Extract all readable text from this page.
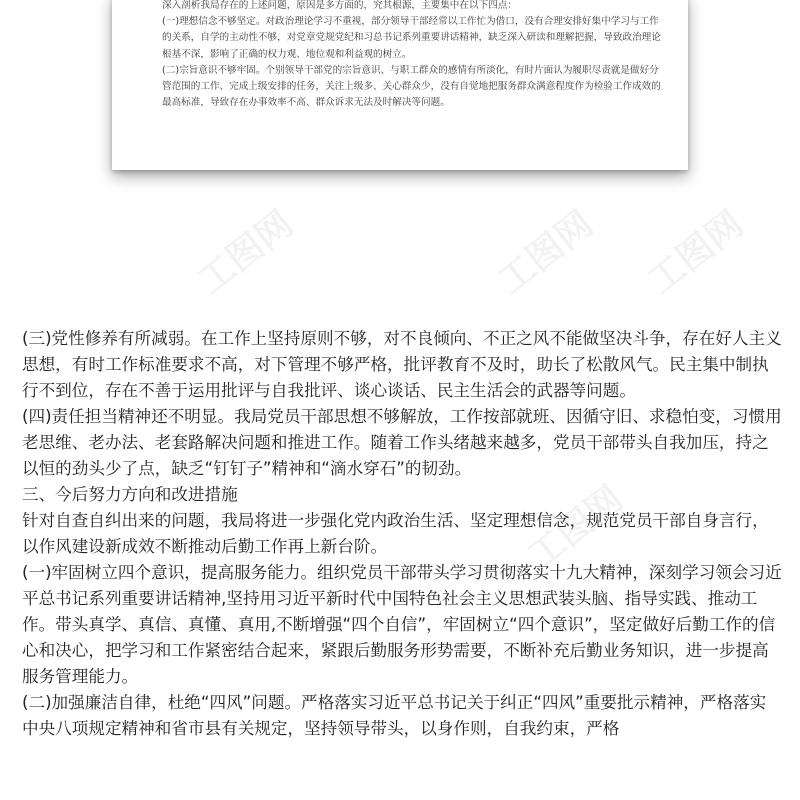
深入剖析我局存在的上述问题，原因是多方面的，究其根源，主要集中在以下四点：

(一)理想信念不够坚定。对政治理论学习不重视，部分领导干部经常以工作忙为借口，没有合理安排好集中学习与工作的关系，自学的主动性不够，对党章党规党纪和习总书记系列重要讲话精神，缺乏深入研读和理解把握，导致政治理论根基不深，影响了正确的权力观、地位观和利益观的树立。

(二)宗旨意识不够牢固。个别领导干部党的宗旨意识、与职工群众的感情有所淡化，有时片面认为履职尽责就是做好分管范围的工作、完成上级安排的任务，关注上级多、关心群众少，没有自觉地把服务群众满意程度作为检验工作成效的最高标准，导致存在办事效率不高、群众诉求无法及时解决等问题。

工图网

(三)党性修养有所减弱。在工作上坚持原则不够，对不良倾向、不正之风不能做坚决斗争，存在好人主义思想，有时工作标准要求不高，对下管理不够严格，批评教育不及时，助长了松散风气。民主集中制执行不到位，存在不善于运用批评与自我批评、谈心谈话、民主生活会的武器等问题。

(四)责任担当精神还不明显。我局党员干部思想不够解放，工作按部就班、因循守旧、求稳怕变，习惯用老思维、老办法、老套路解决问题和推进工作。随着工作头绪越来越多，党员干部带头自我加压，持之以恒的劲头少了点，缺乏“钉钉子”精神和“滴水穿石”的韧劲。

三、今后努力方向和改进措施

针对自查自纠出来的问题，我局将进一步强化党内政治生活、坚定理想信念，规范党员干部自身言行，以作风建设新成效不断推动后勤工作再上新台阶。

(一)牢固树立四个意识，提高服务能力。组织党员干部带头学习贯彻落实十九大精神，深刻学习领会习近平总书记系列重要讲话精神,坚持用习近平新时代中国特色社会主义思想武装头脑、指导实践、推动工作。带头真学、真信、真懂、真用,不断增强“四个自信”，牢固树立“四个意识”，坚定做好后勤工作的信心和决心，把学习和工作紧密结合起来，紧跟后勤服务形势需要，不断补充后勤业务知识，进一步提高服务管理能力。

(二)加强廉洁自律，杜绝“四风”问题。严格落实习近平总书记关于纠正“四风”重要批示精神，严格落实中央八项规定精神和省市县有关规定，坚持领导带头，以身作则，自我约束，严格
